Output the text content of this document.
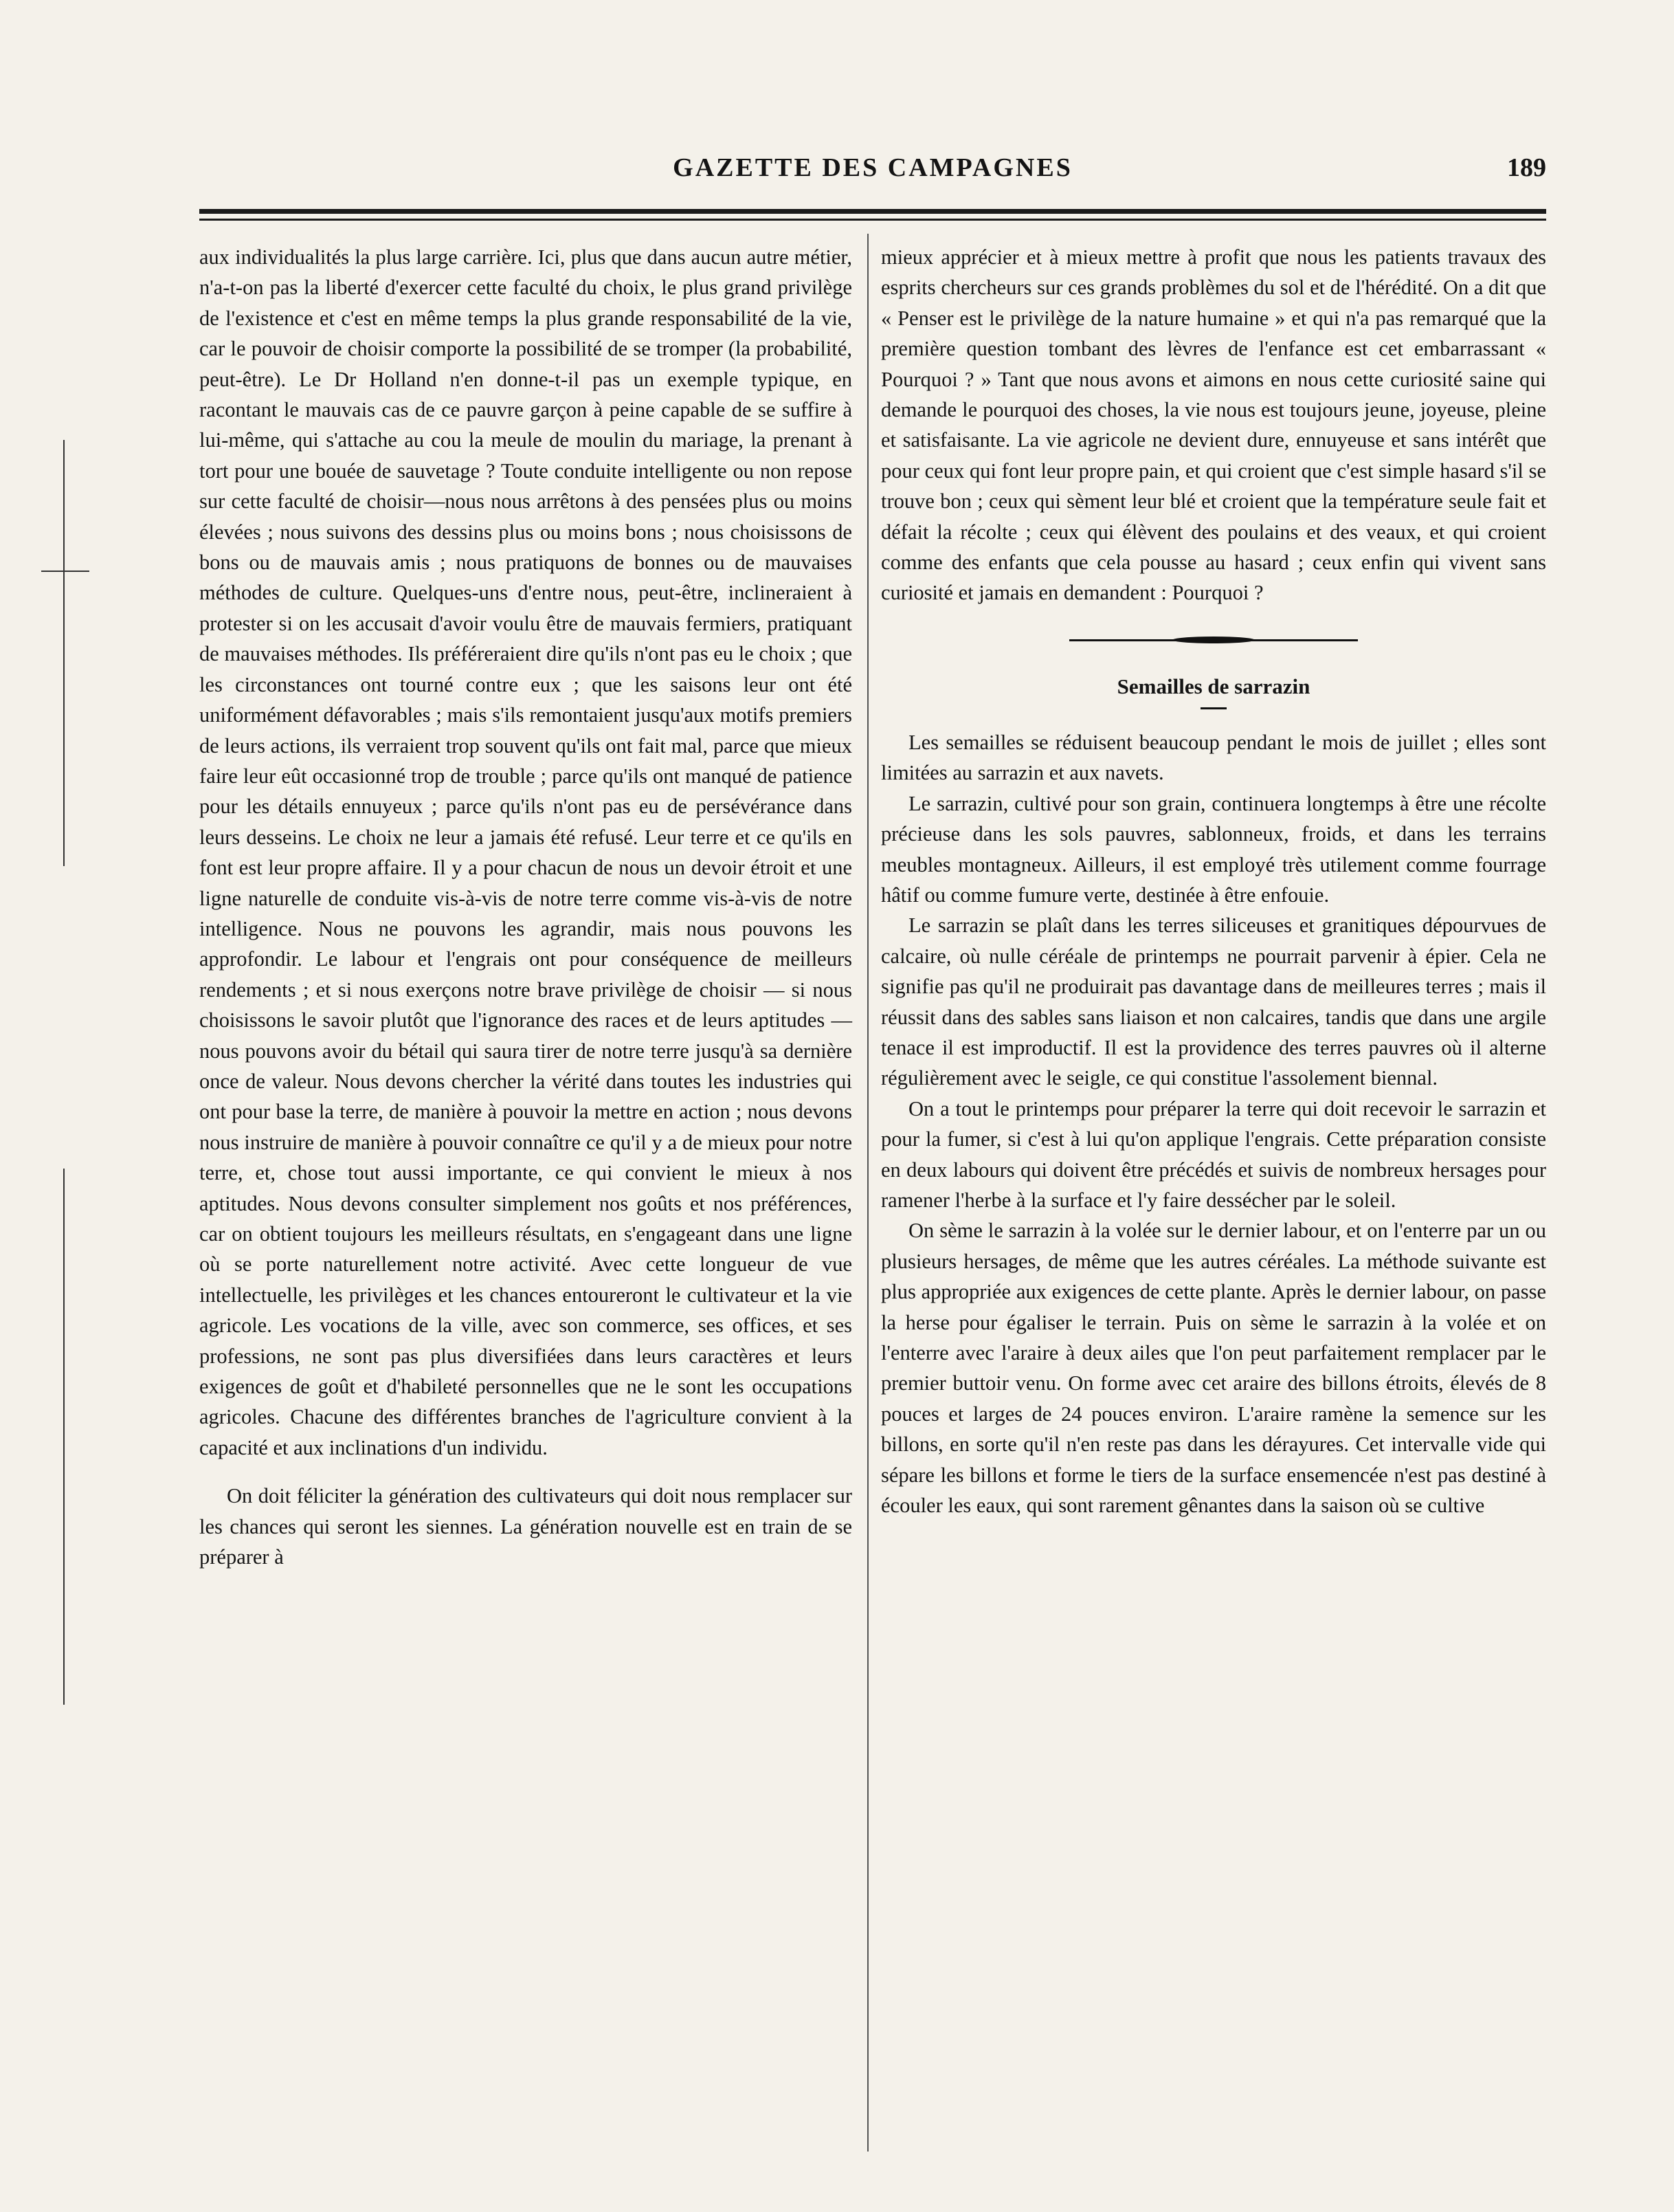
GAZETTE DES CAMPAGNES	189

aux individualités la plus large carrière. Ici, plus que dans aucun autre métier, n'a-t-on pas la liberté d'exercer cette faculté du choix, le plus grand privilège de l'existence et c'est en même temps la plus grande responsabilité de la vie, car le pouvoir de choisir comporte la possibilité de se tromper (la probabilité, peut-être). Le Dr Holland n'en donne-t-il pas un exemple typique, en racontant le mauvais cas de ce pauvre garçon à peine capable de se suffire à lui-même, qui s'attache au cou la meule de moulin du mariage, la prenant à tort pour une bouée de sauvetage ? Toute conduite intelligente ou non repose sur cette faculté de choisir—nous nous arrêtons à des pensées plus ou moins élevées ; nous suivons des dessins plus ou moins bons ; nous choisissons de bons ou de mauvais amis ; nous pratiquons de bonnes ou de mauvaises méthodes de culture. Quelques-uns d'entre nous, peut-être, inclineraient à protester si on les accusait d'avoir voulu être de mauvais fermiers, pratiquant de mauvaises méthodes. Ils préféreraient dire qu'ils n'ont pas eu le choix ; que les circonstances ont tourné contre eux ; que les saisons leur ont été uniformément défavorables ; mais s'ils remontaient jusqu'aux motifs premiers de leurs actions, ils verraient trop souvent qu'ils ont fait mal, parce que mieux faire leur eût occasionné trop de trouble ; parce qu'ils ont manqué de patience pour les détails ennuyeux ; parce qu'ils n'ont pas eu de persévérance dans leurs desseins. Le choix ne leur a jamais été refusé. Leur terre et ce qu'ils en font est leur propre affaire. Il y a pour chacun de nous un devoir étroit et une ligne naturelle de conduite vis-à-vis de notre terre comme vis-à-vis de notre intelligence. Nous ne pouvons les agrandir, mais nous pouvons les approfondir. Le labour et l'engrais ont pour conséquence de meilleurs rendements ; et si nous exerçons notre brave privilège de choisir — si nous choisissons le savoir plutôt que l'ignorance des races et de leurs aptitudes — nous pouvons avoir du bétail qui saura tirer de notre terre jusqu'à sa dernière once de valeur. Nous devons chercher la vérité dans toutes les industries qui ont pour base la terre, de manière à pouvoir la mettre en action ; nous devons nous instruire de manière à pouvoir connaître ce qu'il y a de mieux pour notre terre, et, chose tout aussi importante, ce qui convient le mieux à nos aptitudes. Nous devons consulter simplement nos goûts et nos préférences, car on obtient toujours les meilleurs résultats, en s'engageant dans une ligne où se porte naturellement notre activité. Avec cette longueur de vue intellectuelle, les privilèges et les chances entoureront le cultivateur et la vie agricole. Les vocations de la ville, avec son commerce, ses offices, et ses professions, ne sont pas plus diversifiées dans leurs caractères et leurs exigences de goût et d'habileté personnelles que ne le sont les occupations agricoles. Chacune des différentes branches de l'agriculture convient à la capacité et aux inclinations d'un individu.

On doit féliciter la génération des cultivateurs qui doit nous remplacer sur les chances qui seront les siennes. La génération nouvelle est en train de se préparer à

mieux apprécier et à mieux mettre à profit que nous les patients travaux des esprits chercheurs sur ces grands problèmes du sol et de l'hérédité. On a dit que « Penser est le privilège de la nature humaine » et qui n'a pas remarqué que la première question tombant des lèvres de l'enfance est cet embarrassant « Pourquoi ? » Tant que nous avons et aimons en nous cette curiosité saine qui demande le pourquoi des choses, la vie nous est toujours jeune, joyeuse, pleine et satisfaisante. La vie agricole ne devient dure, ennuyeuse et sans intérêt que pour ceux qui font leur propre pain, et qui croient que c'est simple hasard s'il se trouve bon ; ceux qui sèment leur blé et croient que la température seule fait et défait la récolte ; ceux qui élèvent des poulains et des veaux, et qui croient comme des enfants que cela pousse au hasard ; ceux enfin qui vivent sans curiosité et jamais en demandent : Pourquoi ?

Semailles de sarrazin

Les semailles se réduisent beaucoup pendant le mois de juillet ; elles sont limitées au sarrazin et aux navets.

Le sarrazin, cultivé pour son grain, continuera longtemps à être une récolte précieuse dans les sols pauvres, sablonneux, froids, et dans les terrains meubles montagneux. Ailleurs, il est employé très utilement comme fourrage hâtif ou comme fumure verte, destinée à être enfouie.

Le sarrazin se plaît dans les terres siliceuses et granitiques dépourvues de calcaire, où nulle céréale de printemps ne pourrait parvenir à épier. Cela ne signifie pas qu'il ne produirait pas davantage dans de meilleures terres ; mais il réussit dans des sables sans liaison et non calcaires, tandis que dans une argile tenace il est improductif. Il est la providence des terres pauvres où il alterne régulièrement avec le seigle, ce qui constitue l'assolement biennal.

On a tout le printemps pour préparer la terre qui doit recevoir le sarrazin et pour la fumer, si c'est à lui qu'on applique l'engrais. Cette préparation consiste en deux labours qui doivent être précédés et suivis de nombreux hersages pour ramener l'herbe à la surface et l'y faire dessécher par le soleil.

On sème le sarrazin à la volée sur le dernier labour, et on l'enterre par un ou plusieurs hersages, de même que les autres céréales. La méthode suivante est plus appropriée aux exigences de cette plante. Après le dernier labour, on passe la herse pour égaliser le terrain. Puis on sème le sarrazin à la volée et on l'enterre avec l'araire à deux ailes que l'on peut parfaitement remplacer par le premier buttoir venu. On forme avec cet araire des billons étroits, élevés de 8 pouces et larges de 24 pouces environ. L'araire ramène la semence sur les billons, en sorte qu'il n'en reste pas dans les dérayures. Cet intervalle vide qui sépare les billons et forme le tiers de la surface ensemencée n'est pas destiné à écouler les eaux, qui sont rarement gênantes dans la saison où se cultive
